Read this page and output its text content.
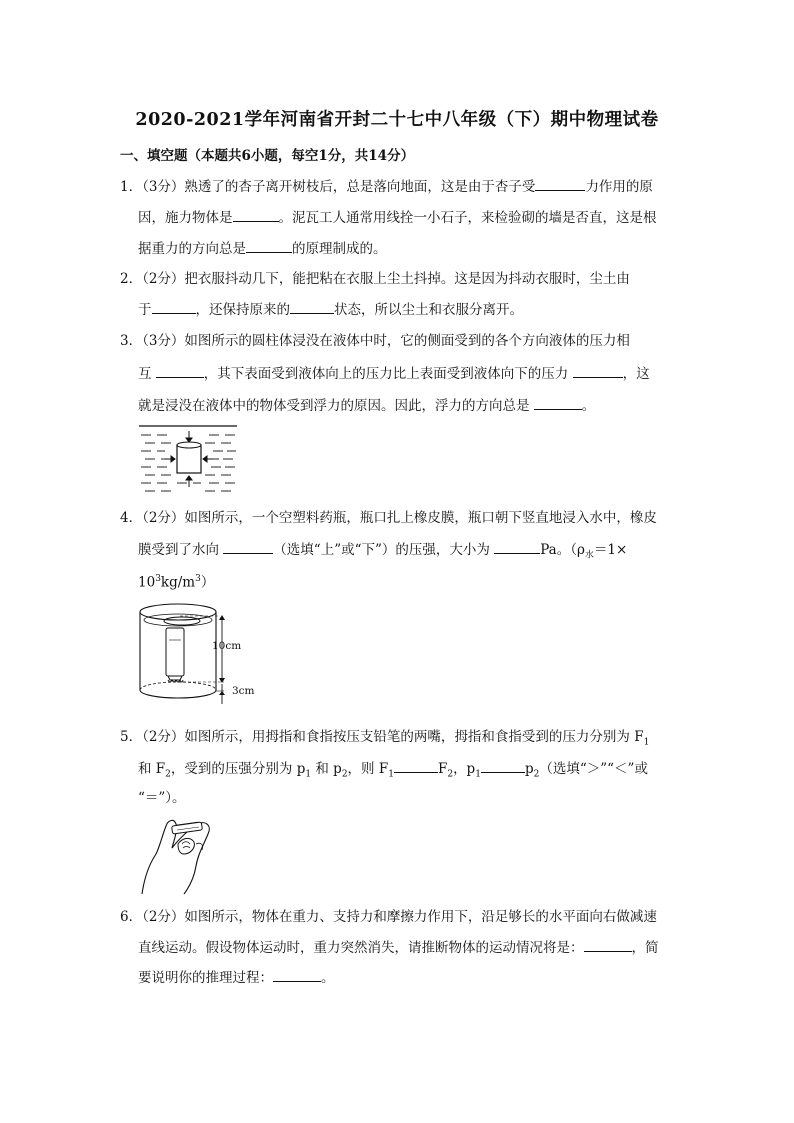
2020-2021学年河南省开封二十七中八年级（下）期中物理试卷
一、填空题（本题共6小题，每空1分，共14分）
1．（3分）熟透了的杏子离开树枝后，总是落向地面，这是由于杏子受	力作用的原
因，施力物体是	。泥瓦工人通常用线拴一小石子，来检验砌的墙是否直，这是根
据重力的方向总是	的原理制成的。
2．（2分）把衣服抖动几下，能把粘在衣服上尘土抖掉。这是因为抖动衣服时，尘土由
于	，还保持原来的	状态，所以尘土和衣服分离开。
3．（3分）如图所示的圆柱体浸没在液体中时，它的侧面受到的各个方向液体的压力相
互	，其下表面受到液体向上的压力比上表面受到液体向下的压力	，这
就是浸没在液体中的物体受到浮力的原因。因此，浮力的方向总是	。
4．（2分）如图所示，一个空塑料药瓶，瓶口扎上橡皮膜，瓶口朝下竖直地浸入水中，橡皮
膜受到了水向	（选填“上”或“下”）的压强，大小为	Pa。（$\rho_水=1\times$
$10^3kg/m^3$）
10cm
3cm
5．（2分）如图所示，用拇指和食指按压支铅笔的两嘴，拇指和食指受到的压力分别为 $F_1$
和 $F_2$，受到的压强分别为 $p_1$ 和 $p_2$，则 $F_1$	$F_2$，$p_1$	$p_2$（选填“＞”“＜”或
“＝”）。
6．（2分）如图所示，物体在重力、支持力和摩擦力作用下，沿足够长的水平面向右做减速
直线运动。假设物体运动时，重力突然消失，请推断物体的运动情况将是：	，简
要说明你的推理过程：	。
